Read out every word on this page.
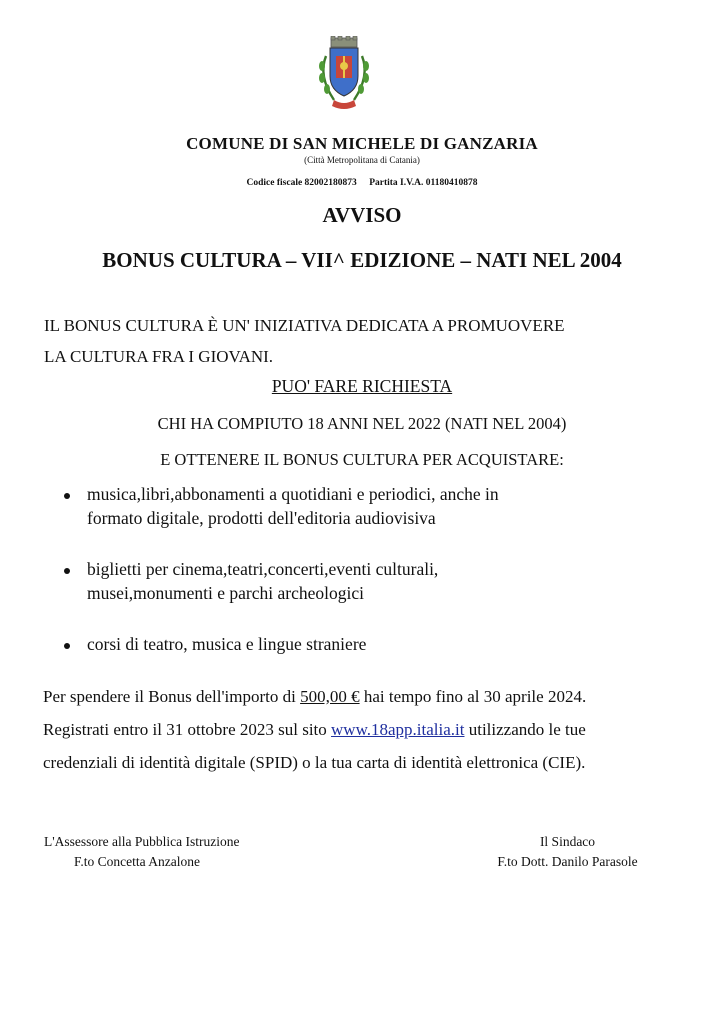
COMUNE DI SAN MICHELE DI GANZARIA
(Città Metropolitana di Catania)
Codice fiscale 82002180873 Partita I.V.A. 01180410878
AVVISO
BONUS CULTURA – VII^ EDIZIONE – NATI NEL 2004
IL BONUS CULTURA È UN' INIZIATIVA DEDICATA A PROMUOVERE
LA CULTURA FRA I GIOVANI.
PUO' FARE RICHIESTA
CHI HA COMPIUTO 18 ANNI NEL 2022 (NATI NEL 2004)
E OTTENERE IL BONUS CULTURA PER ACQUISTARE:
musica,libri,abbonamenti a quotidiani e periodici, anche in
formato digitale, prodotti dell'editoria audiovisiva
biglietti per cinema,teatri,concerti,eventi culturali,
musei,monumenti e parchi archeologici
corsi di teatro, musica e lingue straniere
Per spendere il Bonus dell'importo di 500,00 € hai tempo fino al 30 aprile 2024.
Registrati entro il 31 ottobre 2023 sul sito www.18app.italia.it utilizzando le tue
credenziali di identità digitale (SPID) o la tua carta di identità elettronica (CIE).
L'Assessore alla Pubblica Istruzione
F.to Concetta Anzalone
Il Sindaco
F.to Dott. Danilo Parasole
